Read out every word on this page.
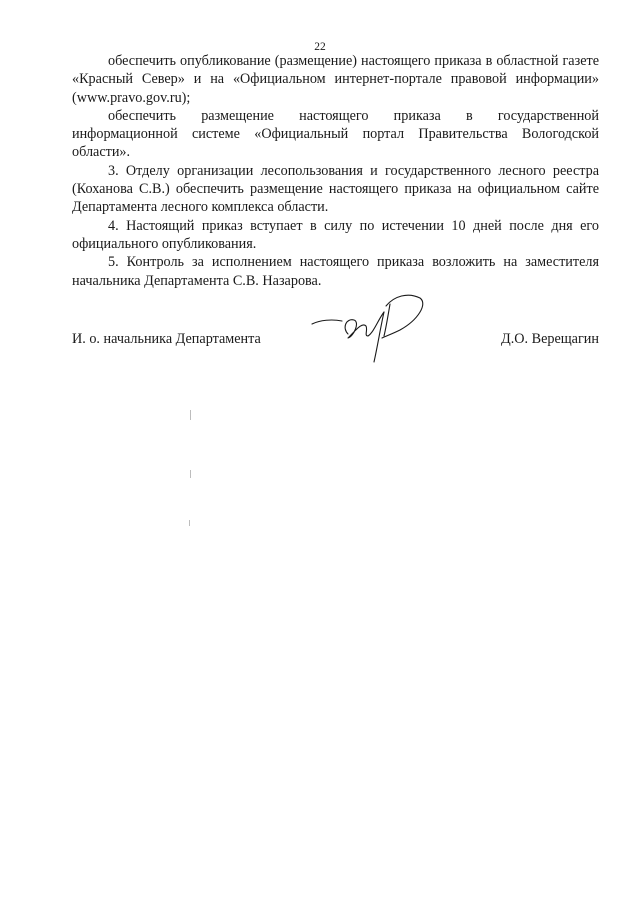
22

обеспечить опубликование (размещение) настоящего приказа в областной газете «Красный Север» и на «Официальном интернет-портале правовой информации» (www.pravo.gov.ru);

обеспечить размещение настоящего приказа в государственной информационной системе «Официальный портал Правительства Вологодской области».

3. Отделу организации лесопользования и государственного лесного реестра (Коханова С.В.) обеспечить размещение настоящего приказа на официальном сайте Департамента лесного комплекса области.

4. Настоящий приказ вступает в силу по истечении 10 дней после дня его официального опубликования.

5. Контроль за исполнением настоящего приказа возложить на заместителя начальника Департамента С.В. Назарова.

И. о. начальника Департамента	Д.О. Верещагин
